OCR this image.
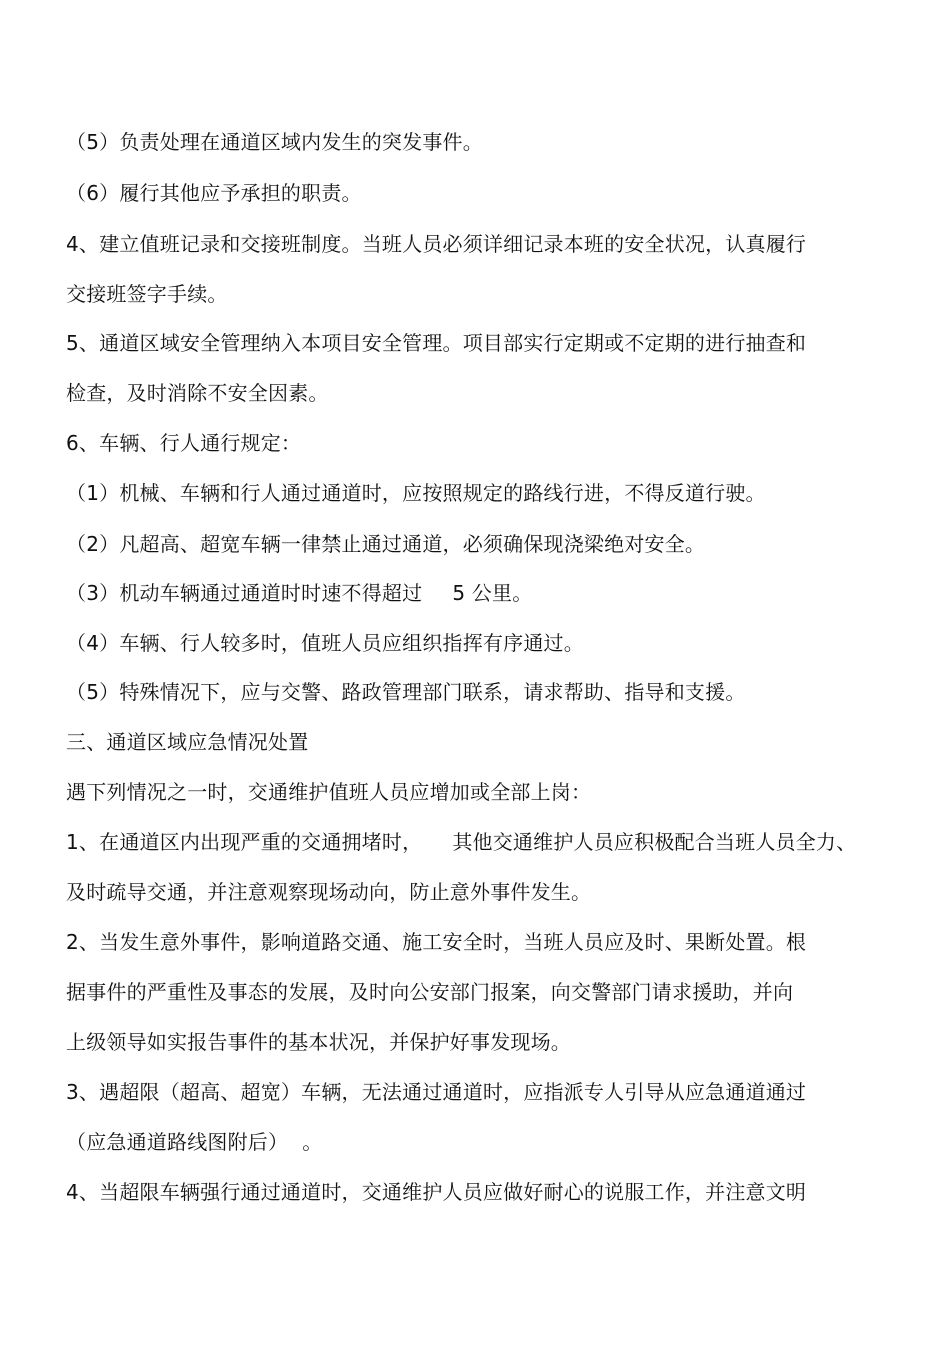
（5）负责处理在通道区域内发生的突发事件。

（6）履行其他应予承担的职责。

4、建立值班记录和交接班制度。当班人员必须详细记录本班的安全状况，认真履行

交接班签字手续。

5、通道区域安全管理纳入本项目安全管理。项目部实行定期或不定期的进行抽查和

检查，及时消除不安全因素。

6、车辆、行人通行规定：

（1）机械、车辆和行人通过通道时，应按照规定的路线行进，不得反道行驶。

（2）凡超高、超宽车辆一律禁止通过通道，必须确保现浇梁绝对安全。

（3）机动车辆通过通道时时速不得超过 5 公里。

（4）车辆、行人较多时，值班人员应组织指挥有序通过。

（5）特殊情况下，应与交警、路政管理部门联系，请求帮助、指导和支援。

三、通道区域应急情况处置

遇下列情况之一时，交通维护值班人员应增加或全部上岗：

1、在通道区内出现严重的交通拥堵时， 其他交通维护人员应积极配合当班人员全力、

及时疏导交通，并注意观察现场动向，防止意外事件发生。

2、当发生意外事件，影响道路交通、施工安全时，当班人员应及时、果断处置。根

据事件的严重性及事态的发展，及时向公安部门报案，向交警部门请求援助，并向

上级领导如实报告事件的基本状况，并保护好事发现场。

3、遇超限（超高、超宽）车辆，无法通过通道时，应指派专人引导从应急通道通过

（应急通道路线图附后） 。

4、当超限车辆强行通过通道时，交通维护人员应做好耐心的说服工作，并注意文明
